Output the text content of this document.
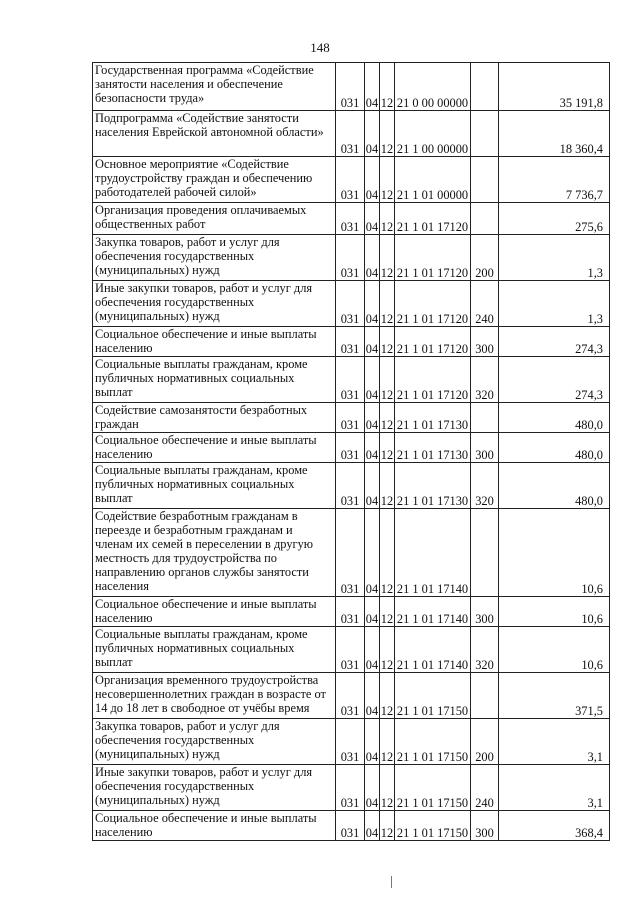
148
Государственная программа «Содействие занятости населения и обеспечение безопасности труда»	031	04	12	21 0 00 00000		35 191,8
Подпрограмма «Содействие занятости населения Еврейской автономной области»	031	04	12	21 1 00 00000		18 360,4
Основное мероприятие «Содействие трудоустройству граждан и обеспечению работодателей рабочей силой»	031	04	12	21 1 01 00000		7 736,7
Организация проведения оплачиваемых общественных работ	031	04	12	21 1 01 17120		275,6
Закупка товаров, работ и услуг для обеспечения государственных (муниципальных) нужд	031	04	12	21 1 01 17120	200	1,3
Иные закупки товаров, работ и услуг для обеспечения государственных (муниципальных) нужд	031	04	12	21 1 01 17120	240	1,3
Социальное обеспечение и иные выплаты населению	031	04	12	21 1 01 17120	300	274,3
Социальные выплаты гражданам, кроме публичных нормативных социальных выплат	031	04	12	21 1 01 17120	320	274,3
Содействие самозанятости безработных граждан	031	04	12	21 1 01 17130		480,0
Социальное обеспечение и иные выплаты населению	031	04	12	21 1 01 17130	300	480,0
Социальные выплаты гражданам, кроме публичных нормативных социальных выплат	031	04	12	21 1 01 17130	320	480,0
Содействие безработным гражданам в переезде и безработным гражданам и членам их семей в переселении в другую местность для трудоустройства по направлению органов службы занятости населения	031	04	12	21 1 01 17140		10,6
Социальное обеспечение и иные выплаты населению	031	04	12	21 1 01 17140	300	10,6
Социальные выплаты гражданам, кроме публичных нормативных социальных выплат	031	04	12	21 1 01 17140	320	10,6
Организация временного трудоустройства несовершеннолетних граждан в возрасте от 14 до 18 лет в свободное от учёбы время	031	04	12	21 1 01 17150		371,5
Закупка товаров, работ и услуг для обеспечения государственных (муниципальных) нужд	031	04	12	21 1 01 17150	200	3,1
Иные закупки товаров, работ и услуг для обеспечения государственных (муниципальных) нужд	031	04	12	21 1 01 17150	240	3,1
Социальное обеспечение и иные выплаты населению	031	04	12	21 1 01 17150	300	368,4
